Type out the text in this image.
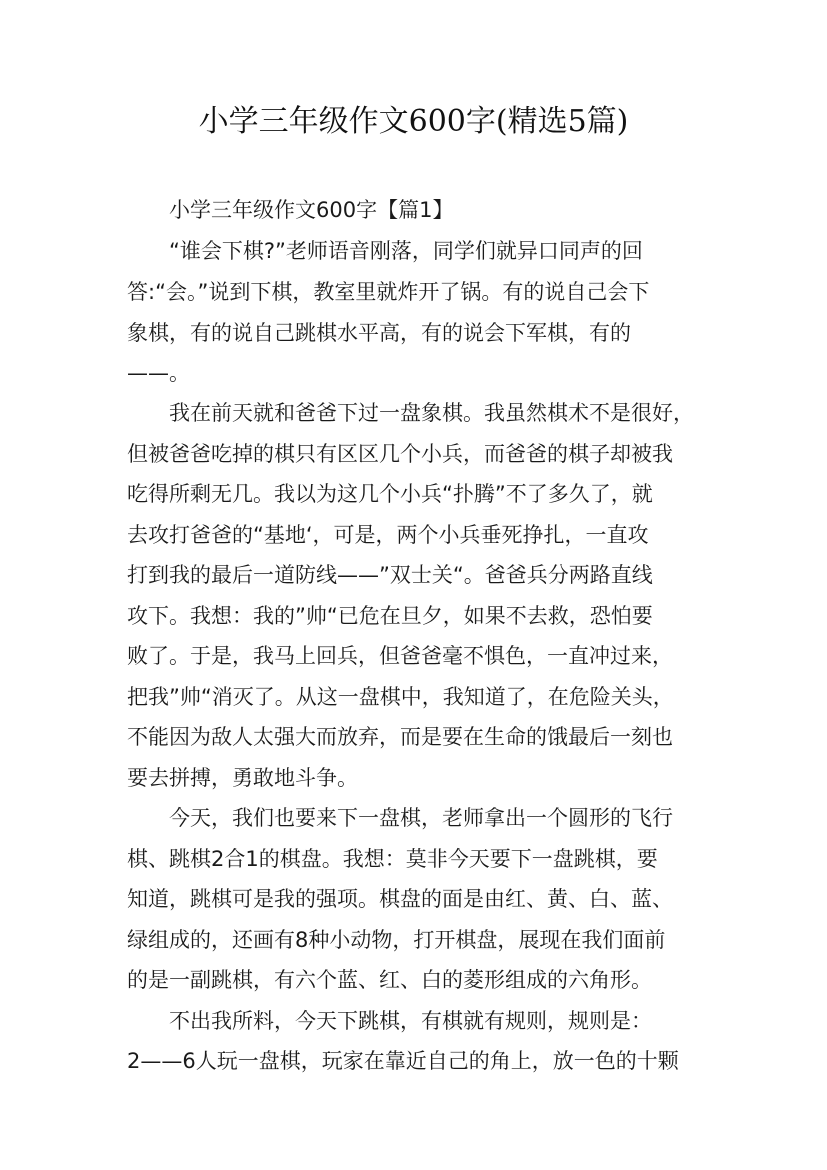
小学三年级作文600字(精选5篇)

小学三年级作文600字【篇1】

“谁会下棋?”老师语音刚落，同学们就异口同声的回
答:“会。”说到下棋，教室里就炸开了锅。有的说自己会下
象棋，有的说自己跳棋水平高，有的说会下军棋，有的
——。
我在前天就和爸爸下过一盘象棋。我虽然棋术不是很好，
但被爸爸吃掉的棋只有区区几个小兵，而爸爸的棋子却被我
吃得所剩无几。我以为这几个小兵“扑腾”不了多久了，就
去攻打爸爸的“基地‘，可是，两个小兵垂死挣扎，一直攻
打到我的最后一道防线——”双士关“。爸爸兵分两路直线
攻下。我想：我的”帅“已危在旦夕，如果不去救，恐怕要
败了。于是，我马上回兵，但爸爸毫不惧色，一直冲过来，
把我”帅“消灭了。从这一盘棋中，我知道了，在危险关头，
不能因为敌人太强大而放弃，而是要在生命的饿最后一刻也
要去拼搏，勇敢地斗争。
今天，我们也要来下一盘棋，老师拿出一个圆形的飞行
棋、跳棋2合1的棋盘。我想：莫非今天要下一盘跳棋，要
知道，跳棋可是我的强项。棋盘的面是由红、黄、白、蓝、
绿组成的，还画有8种小动物，打开棋盘，展现在我们面前
的是一副跳棋，有六个蓝、红、白的菱形组成的六角形。
不出我所料，今天下跳棋，有棋就有规则，规则是：
2——6人玩一盘棋，玩家在靠近自己的角上，放一色的十颗
